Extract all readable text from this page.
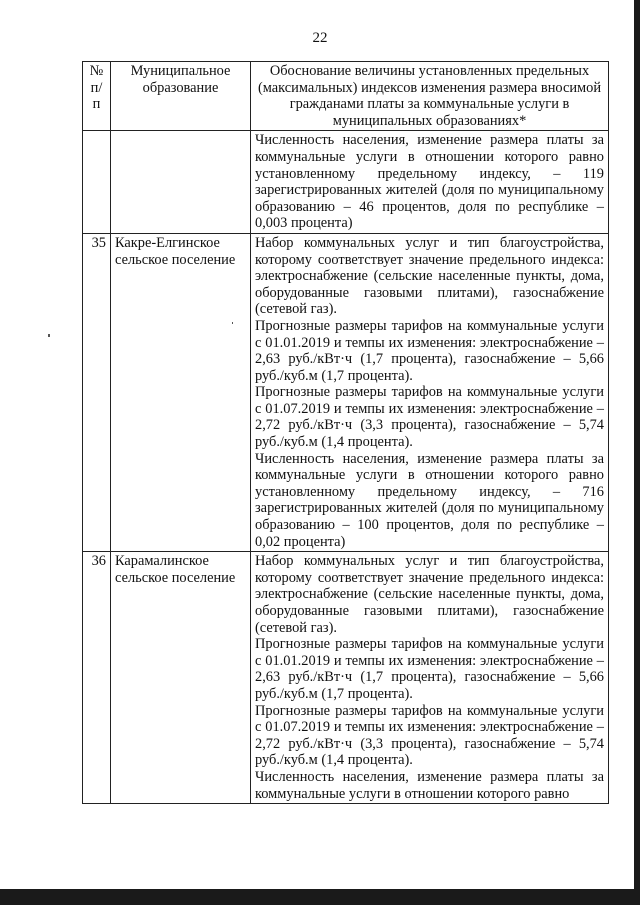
22
№ п/п	Муниципальное образование	Обоснование величины установленных предельных (максимальных) индексов изменения размера вносимой гражданами платы за коммунальные услуги в муниципальных образованиях*

		Численность населения, изменение размера платы за коммунальные услуги в отношении которого равно установленному предельному индексу, – 119 зарегистрированных жителей (доля по муниципальному образованию – 46 процентов, доля по республике – 0,003 процента)

35	Какре-Елгинское сельское поселение	Набор коммунальных услуг и тип благоустройства, которому соответствует значение предельного индекса: электроснабжение (сельские населенные пункты, дома, оборудованные газовыми плитами), газоснабжение (сетевой газ).
Прогнозные размеры тарифов на коммунальные услуги с 01.01.2019 и темпы их изменения: электроснабжение – 2,63 руб./кВт·ч (1,7 процента), газоснабжение – 5,66 руб./куб.м (1,7 процента).
Прогнозные размеры тарифов на коммунальные услуги с 01.07.2019 и темпы их изменения: электроснабжение – 2,72 руб./кВт·ч (3,3 процента), газоснабжение – 5,74 руб./куб.м (1,4 процента).
Численность населения, изменение размера платы за коммунальные услуги в отношении которого равно установленному предельному индексу, – 716 зарегистрированных жителей (доля по муниципальному образованию – 100 процентов, доля по республике – 0,02 процента)

36	Карамалинское сельское поселение	Набор коммунальных услуг и тип благоустройства, которому соответствует значение предельного индекса: электроснабжение (сельские населенные пункты, дома, оборудованные газовыми плитами), газоснабжение (сетевой газ).
Прогнозные размеры тарифов на коммунальные услуги с 01.01.2019 и темпы их изменения: электроснабжение – 2,63 руб./кВт·ч (1,7 процента), газоснабжение – 5,66 руб./куб.м (1,7 процента).
Прогнозные размеры тарифов на коммунальные услуги с 01.07.2019 и темпы их изменения: электроснабжение – 2,72 руб./кВт·ч (3,3 процента), газоснабжение – 5,74 руб./куб.м (1,4 процента).
Численность населения, изменение размера платы за коммунальные услуги в отношении которого равно
